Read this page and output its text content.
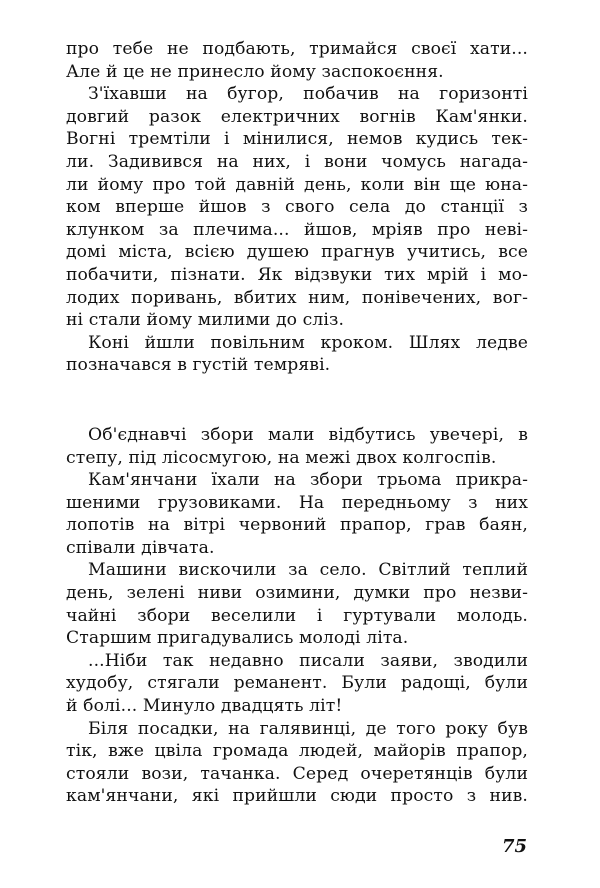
про тебе не подбають, тримайся своєї хати...
Але й це не принесло йому заспокоєння.
З'їхавши на бугор, побачив на горизонті
довгий разок електричних вогнів Кам'янки.
Вогні тремтіли і мінилися, немов кудись тек-
ли. Задивився на них, і вони чомусь нагада-
ли йому про той давній день, коли він ще юна-
ком вперше йшов з свого села до станції з
клунком за плечима... йшов, мріяв про неві-
домі міста, всією душею прагнув учитись, все
побачити, пізнати. Як відзвуки тих мрій і мо-
лодих поривань, вбитих ним, понівечених, вог-
ні стали йому милими до сліз.
Коні йшли повільним кроком. Шлях ледве
позначався в густій темряві.
Об'єднавчі збори мали відбутись увечері, в
степу, під лісосмугою, на межі двох колгоспів.
Кам'янчани їхали на збори трьома прикра-
шеними грузовиками. На передньому з них
лопотів на вітрі червоний прапор, грав баян,
співали дівчата.
Машини вискочили за село. Світлий теплий
день, зелені ниви озимини, думки про незви-
чайні збори веселили і гуртували молодь.
Старшим пригадувались молоді літа.
...Ніби так недавно писали заяви, зводили
худобу, стягали реманент. Були радощі, були
й болі... Минуло двадцять літ!
Біля посадки, на галявинці, де того року був
тік, вже цвіла громада людей, майорів прапор,
стояли вози, тачанка. Серед очеретянців були
кам'янчани, які прийшли сюди просто з нив.
75
